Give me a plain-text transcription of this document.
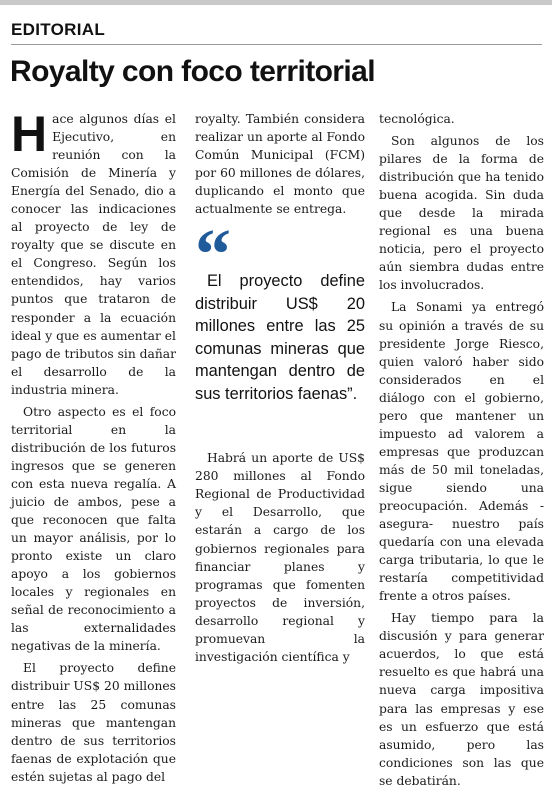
EDITORIAL
Royalty con foco territorial

Hace algunos días el Ejecutivo, en reunión con la Comisión de Minería y Energía del Senado, dio a conocer las indicaciones al proyecto de ley de royalty que se discute en el Congreso. Según los entendidos, hay varios puntos que trataron de responder a la ecuación ideal y que es aumentar el pago de tributos sin dañar el desarrollo de la industria minera.

Otro aspecto es el foco territorial en la distribución de los futuros ingresos que se generen con esta nueva regalía. A juicio de ambos, pese a que reconocen que falta un mayor análisis, por lo pronto existe un claro apoyo a los gobiernos locales y regionales en señal de reconocimiento a las externalidades negativas de la minería.

El proyecto define distribuir US$ 20 millones entre las 25 comunas mineras que mantengan dentro de sus territorios faenas de explotación que estén sujetas al pago del

royalty. También considera realizar un aporte al Fondo Común Municipal (FCM) por 60 millones de dólares, duplicando el monto que actualmente se entrega.

“

El proyecto define distribuir US$ 20 millones entre las 25 comunas mineras que mantengan dentro de sus territorios faenas”.

Habrá un aporte de US$ 280 millones al Fondo Regional de Productividad y el Desarrollo, que estarán a cargo de los gobiernos regionales para financiar planes y programas que fomenten proyectos de inversión, desarrollo regional y promuevan la investigación científica y

tecnológica.

Son algunos de los pilares de la forma de distribución que ha tenido buena acogida. Sin duda que desde la mirada regional es una buena noticia, pero el proyecto aún siembra dudas entre los involucrados.

La Sonami ya entregó su opinión a través de su presidente Jorge Riesco, quien valoró haber sido considerados en el diálogo con el gobierno, pero que mantener un impuesto ad valorem a empresas que produzcan más de 50 mil toneladas, sigue siendo una preocupación. Además -asegura- nuestro país quedaría con una elevada carga tributaria, lo que le restaría competitividad frente a otros países.

Hay tiempo para la discusión y para generar acuerdos, lo que está resuelto es que habrá una nueva carga impositiva para las empresas y ese es un esfuerzo que está asumido, pero las condiciones son las que se debatirán.
